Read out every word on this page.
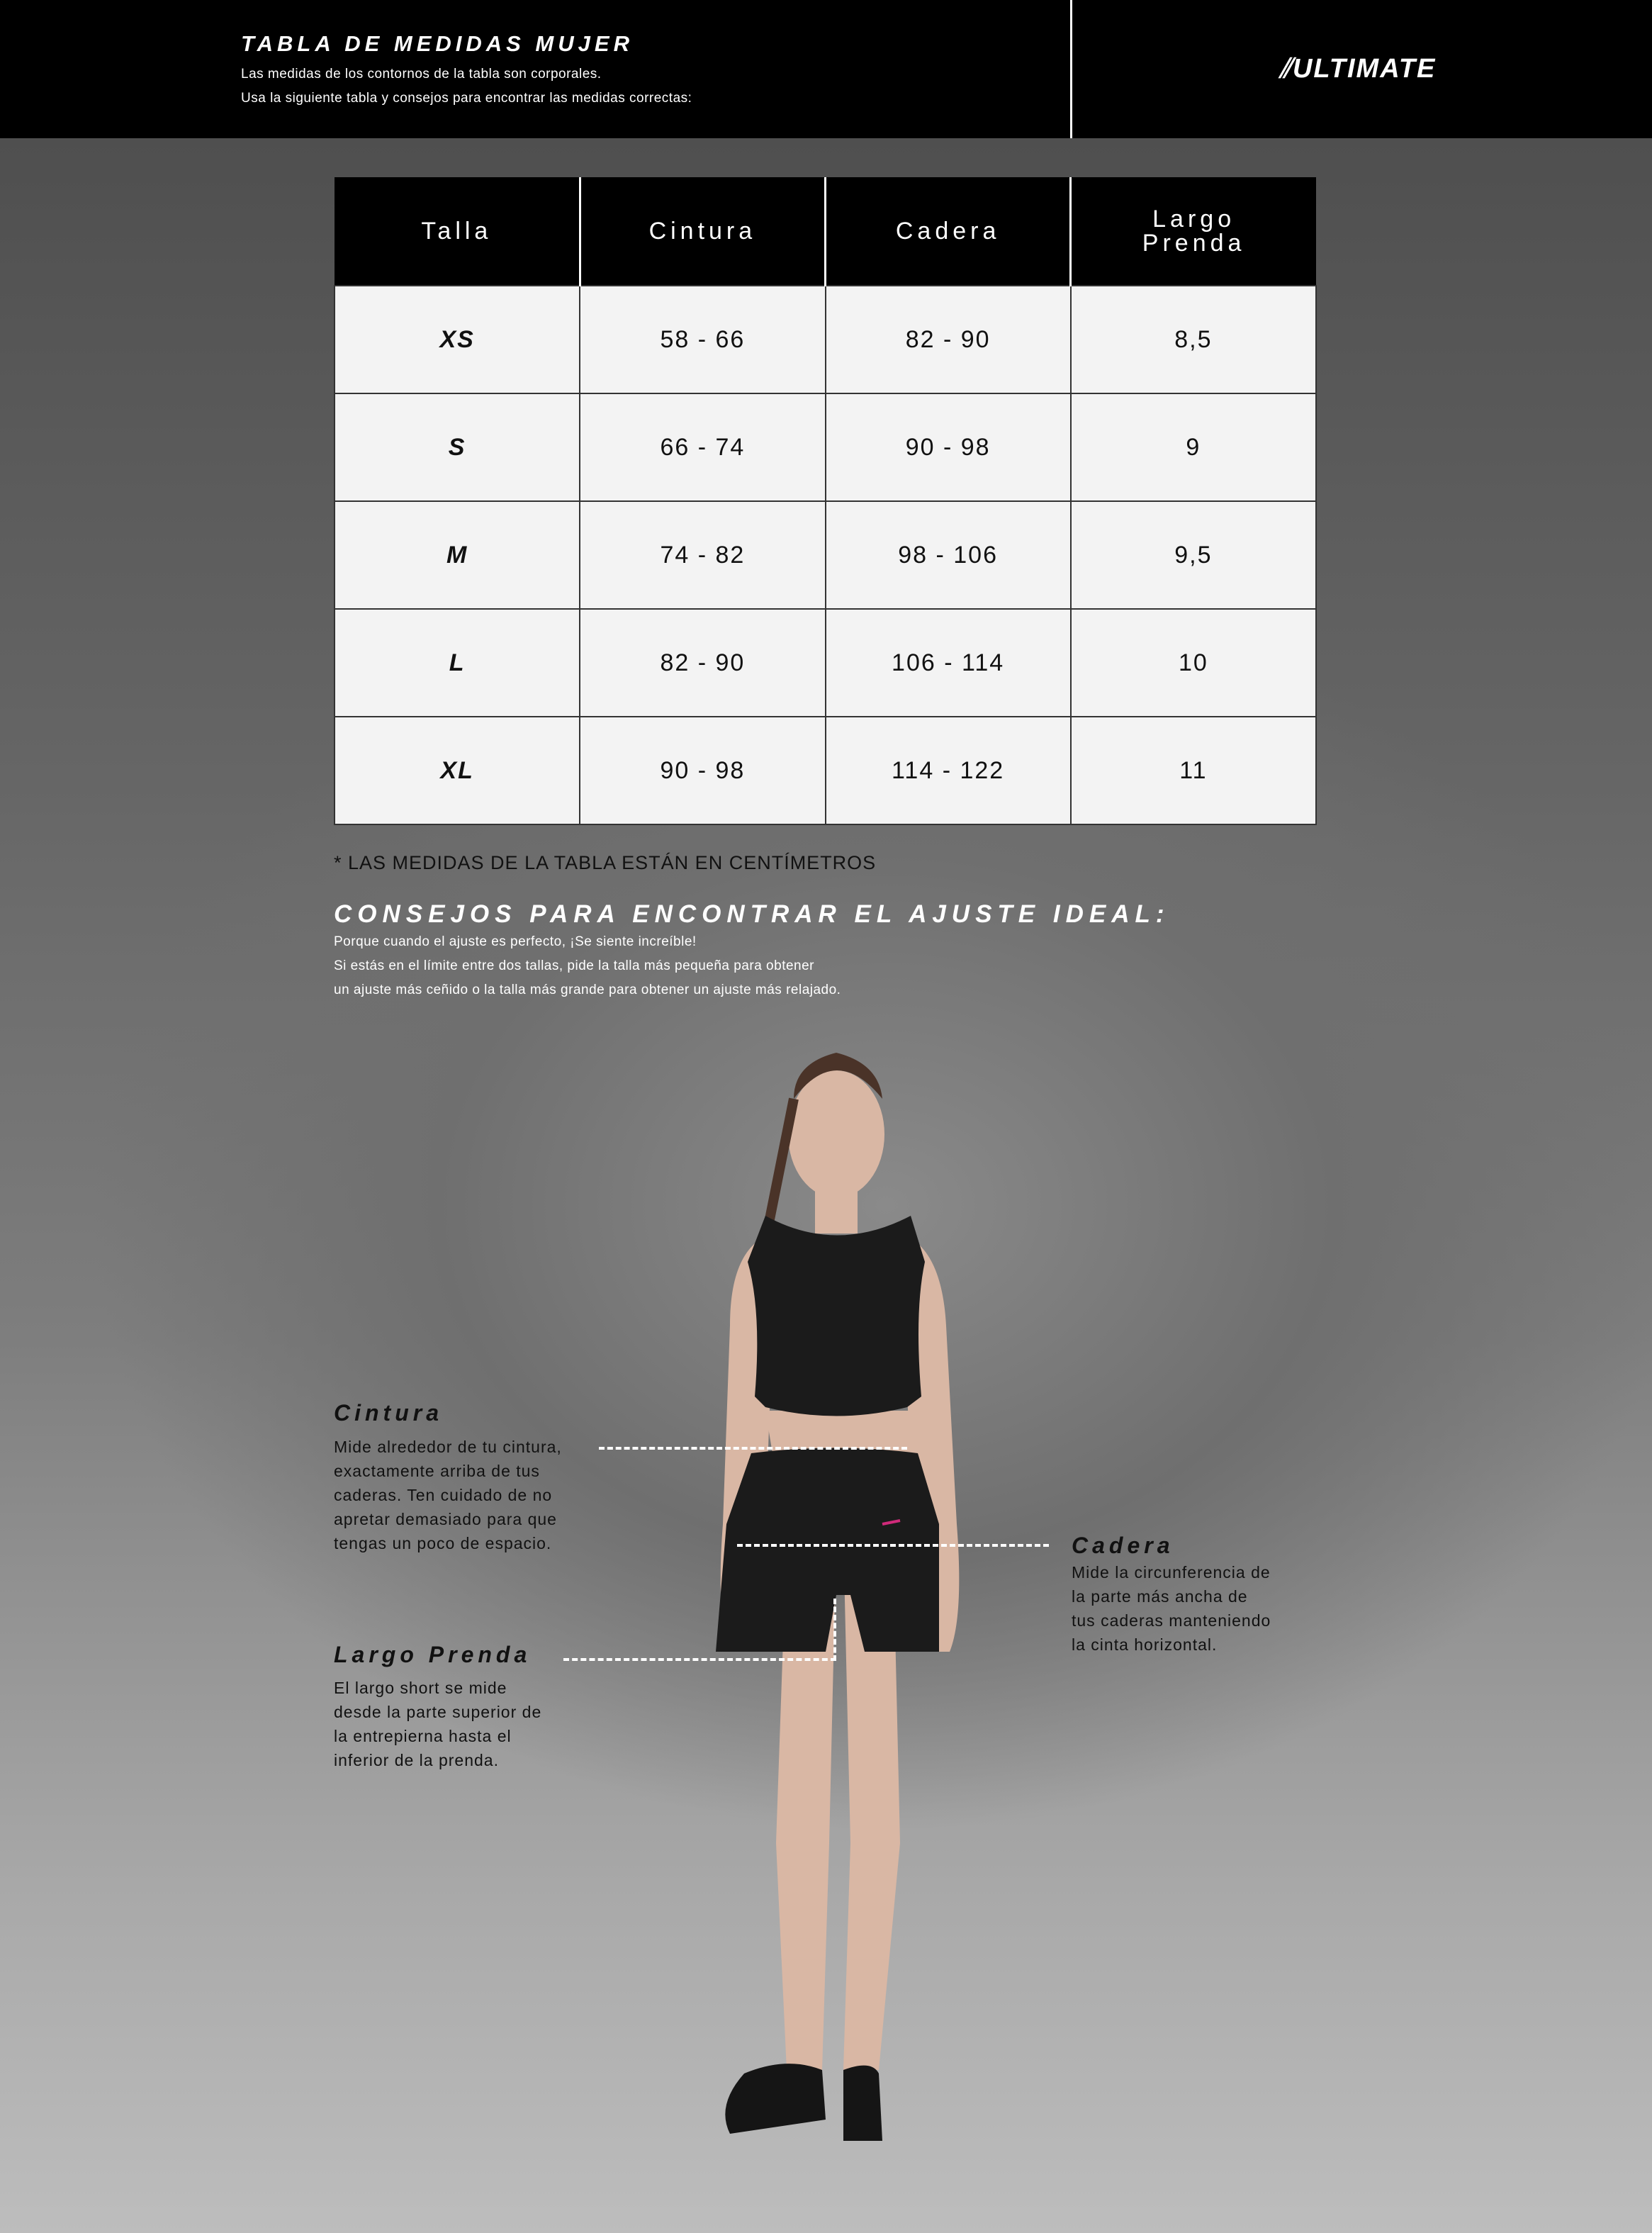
TABLA DE MEDIDAS MUJER
Las medidas de los contornos de la tabla son corporales.
Usa la siguiente tabla y consejos para encontrar las medidas correctas:
⫽ULTIMATE
Talla	Cintura	Cadera	Largo Prenda
XS	58 - 66	82 - 90	8,5
S	66 - 74	90 - 98	9
M	74 - 82	98 - 106	9,5
L	82 - 90	106 - 114	10
XL	90 - 98	114 - 122	11
* LAS MEDIDAS DE LA TABLA ESTÁN EN CENTÍMETROS
CONSEJOS PARA ENCONTRAR EL AJUSTE IDEAL:
Porque cuando el ajuste es perfecto, ¡Se siente increíble!
Si estás en el límite entre dos tallas, pide la talla más pequeña para obtener
un ajuste más ceñido o la talla más grande para obtener un ajuste más relajado.
Cintura
Mide alrededor de tu cintura,
exactamente arriba de tus
caderas. Ten cuidado de no
apretar demasiado para que
tengas un poco de espacio.	Cadera
Mide la circunferencia de
la parte más ancha de
tus caderas manteniendo
la cinta horizontal.
Largo Prenda
El largo short se mide
desde la parte superior de
la entrepierna hasta el
inferior de la prenda.
